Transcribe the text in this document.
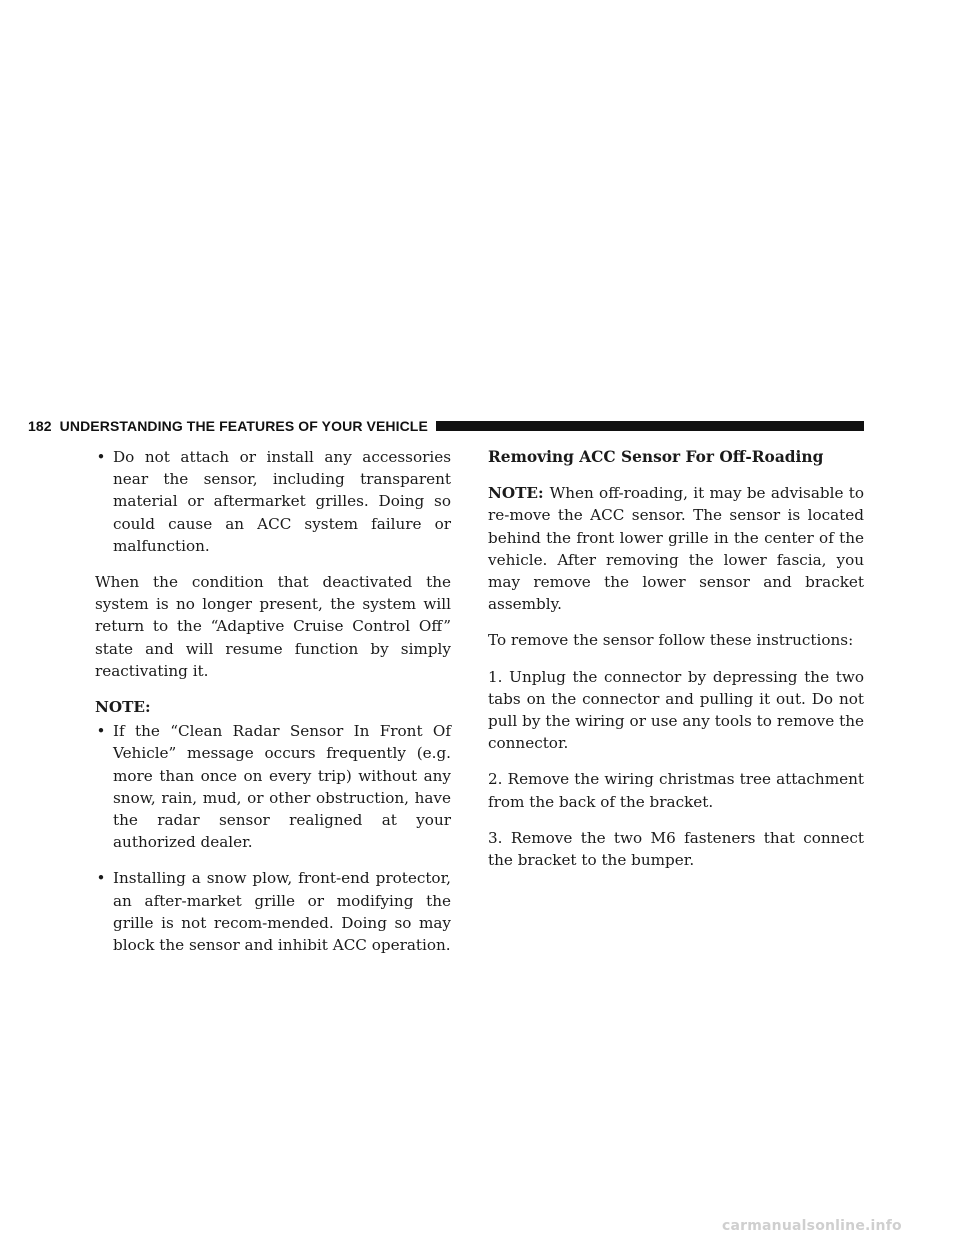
182 UNDERSTANDING THE FEATURES OF YOUR VEHICLE
• Do not attach or install any accessories near the sensor, including transparent material or aftermarket grilles. Doing so could cause an ACC system failure or malfunction.

When the condition that deactivated the system is no longer present, the system will return to the “Adaptive Cruise Control Off” state and will resume function by simply reactivating it.

NOTE:
• If the “Clean Radar Sensor In Front Of Vehicle” message occurs frequently (e.g. more than once on every trip) without any snow, rain, mud, or other obstruction, have the radar sensor realigned at your authorized dealer.
• Installing a snow plow, front-end protector, an after-market grille or modifying the grille is not recom-mended. Doing so may block the sensor and inhibit ACC operation.
Removing ACC Sensor For Off-Roading

NOTE: When off-roading, it may be advisable to re-move the ACC sensor. The sensor is located behind the front lower grille in the center of the vehicle. After removing the lower fascia, you may remove the lower sensor and bracket assembly.

To remove the sensor follow these instructions:

1. Unplug the connector by depressing the two tabs on the connector and pulling it out. Do not pull by the wiring or use any tools to remove the connector.

2. Remove the wiring christmas tree attachment from the back of the bracket.

3. Remove the two M6 fasteners that connect the bracket to the bumper.

carmanualsonline.info
